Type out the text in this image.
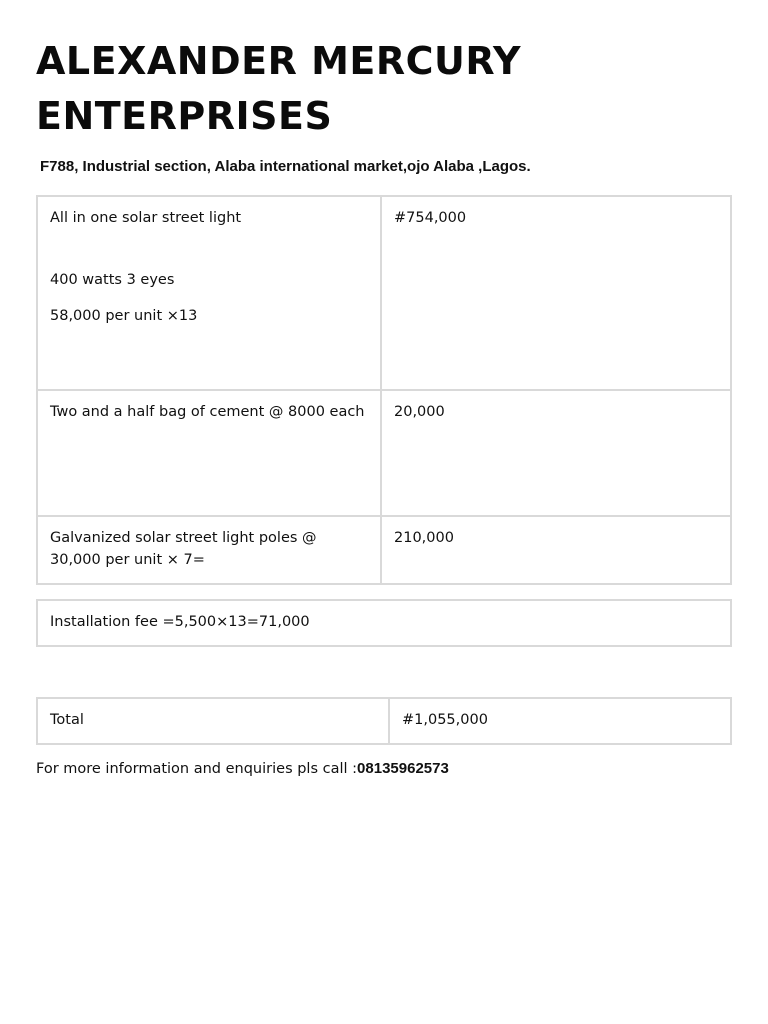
ALEXANDER MERCURY
ENTERPRISES
F788, Industrial section, Alaba international market,ojo Alaba ,Lagos.
All in one solar street light
400 watts 3 eyes
58,000 per unit ×13	#754,000

Two and a half bag of cement @ 8000 each	20,000

Galvanized solar street light poles @ 30,000 per unit × 7=	210,000
Installation fee =5,500×13=71,000
Total	#1,055,000
For more information and enquiries pls call :08135962573
